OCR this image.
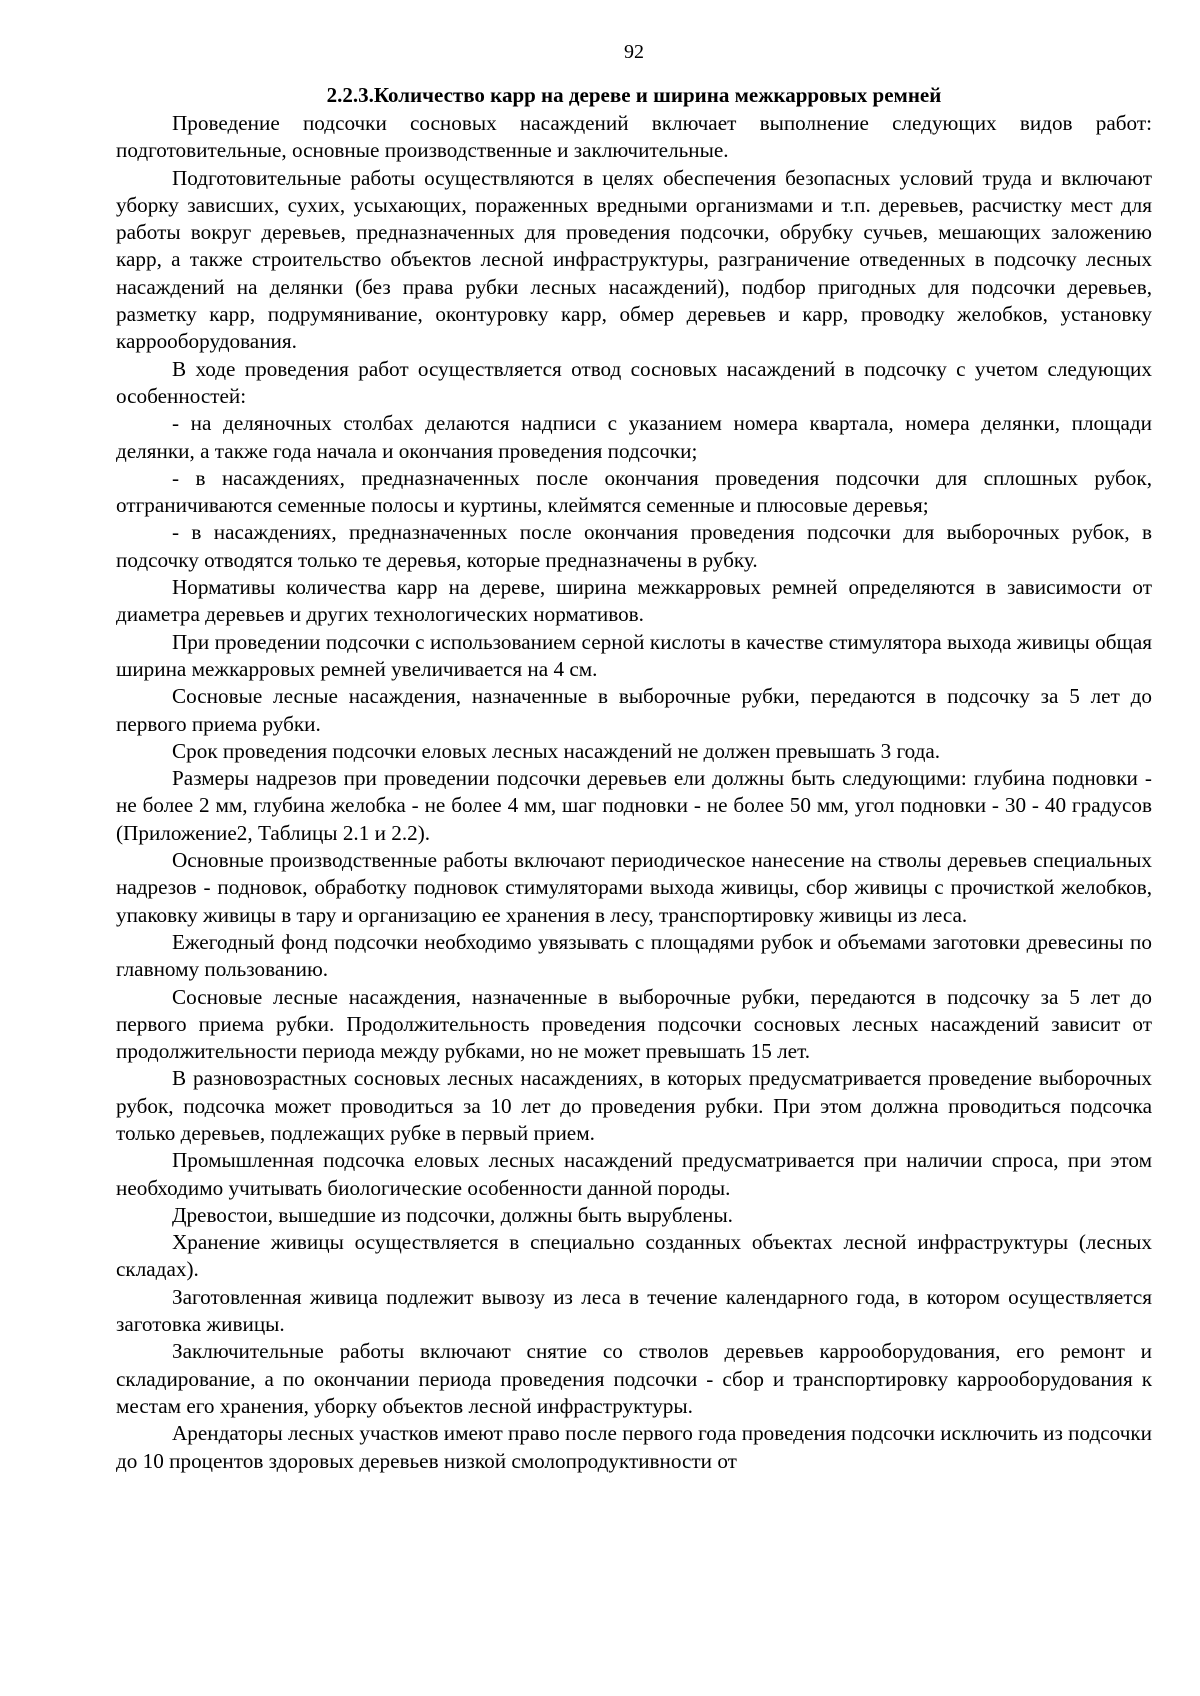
92
2.2.3.Количество карр на дереве и ширина межкарровых ремней

Проведение подсочки сосновых насаждений включает выполнение следующих видов работ: подготовительные, основные производственные и заключительные.

Подготовительные работы осуществляются в целях обеспечения безопасных условий труда и включают уборку зависших, сухих, усыхающих, пораженных вредными организмами и т.п. деревьев, расчистку мест для работы вокруг деревьев, предназначенных для проведения подсочки, обрубку сучьев, мешающих заложению карр, а также строительство объектов лесной инфраструктуры, разграничение отведенных в подсочку лесных насаждений на делянки (без права рубки лесных насаждений), подбор пригодных для подсочки деревьев, разметку карр, подрумянивание, оконтуровку карр, обмер деревьев и карр, проводку желобков, установку каррооборудования.

В ходе проведения работ осуществляется отвод сосновых насаждений в подсочку с учетом следующих особенностей:

- на деляночных столбах делаются надписи с указанием номера квартала, номера делянки, площади делянки, а также года начала и окончания проведения подсочки;

- в насаждениях, предназначенных после окончания проведения подсочки для сплошных рубок, отграничиваются семенные полосы и куртины, клеймятся семенные и плюсовые деревья;

- в насаждениях, предназначенных после окончания проведения подсочки для выборочных рубок, в подсочку отводятся только те деревья, которые предназначены в рубку.

Нормативы количества карр на дереве, ширина межкарровых ремней определяются в зависимости от диаметра деревьев и других технологических нормативов.

При проведении подсочки с использованием серной кислоты в качестве стимулятора выхода живицы общая ширина межкарровых ремней увеличивается на 4 см.

Сосновые лесные насаждения, назначенные в выборочные рубки, передаются в подсочку за 5 лет до первого приема рубки.

Срок проведения подсочки еловых лесных насаждений не должен превышать 3 года.

Размеры надрезов при проведении подсочки деревьев ели должны быть следующими: глубина подновки - не более 2 мм, глубина желобка - не более 4 мм, шаг подновки - не более 50 мм, угол подновки - 30 - 40 градусов (Приложение2, Таблицы 2.1 и 2.2).

Основные производственные работы включают периодическое нанесение на стволы деревьев специальных надрезов - подновок, обработку подновок стимуляторами выхода живицы, сбор живицы с прочисткой желобков, упаковку живицы в тару и организацию ее хранения в лесу, транспортировку живицы из леса.

Ежегодный фонд подсочки необходимо увязывать с площадями рубок и объемами заготовки древесины по главному пользованию.

Сосновые лесные насаждения, назначенные в выборочные рубки, передаются в подсочку за 5 лет до первого приема рубки. Продолжительность проведения подсочки сосновых лесных насаждений зависит от продолжительности периода между рубками, но не может превышать 15 лет.

В разновозрастных сосновых лесных насаждениях, в которых предусматривается проведение выборочных рубок, подсочка может проводиться за 10 лет до проведения рубки. При этом должна проводиться подсочка только деревьев, подлежащих рубке в первый прием.

Промышленная подсочка еловых лесных насаждений предусматривается при наличии спроса, при этом необходимо учитывать биологические особенности данной породы.

Древостои, вышедшие из подсочки, должны быть вырублены.

Хранение живицы осуществляется в специально созданных объектах лесной инфраструктуры (лесных складах).

Заготовленная живица подлежит вывозу из леса в течение календарного года, в котором осуществляется заготовка живицы.

Заключительные работы включают снятие со стволов деревьев каррооборудования, его ремонт и складирование, а по окончании периода проведения подсочки - сбор и транспортировку каррооборудования к местам его хранения, уборку объектов лесной инфраструктуры.

Арендаторы лесных участков имеют право после первого года проведения подсочки исключить из подсочки до 10 процентов здоровых деревьев низкой смолопродуктивности от
